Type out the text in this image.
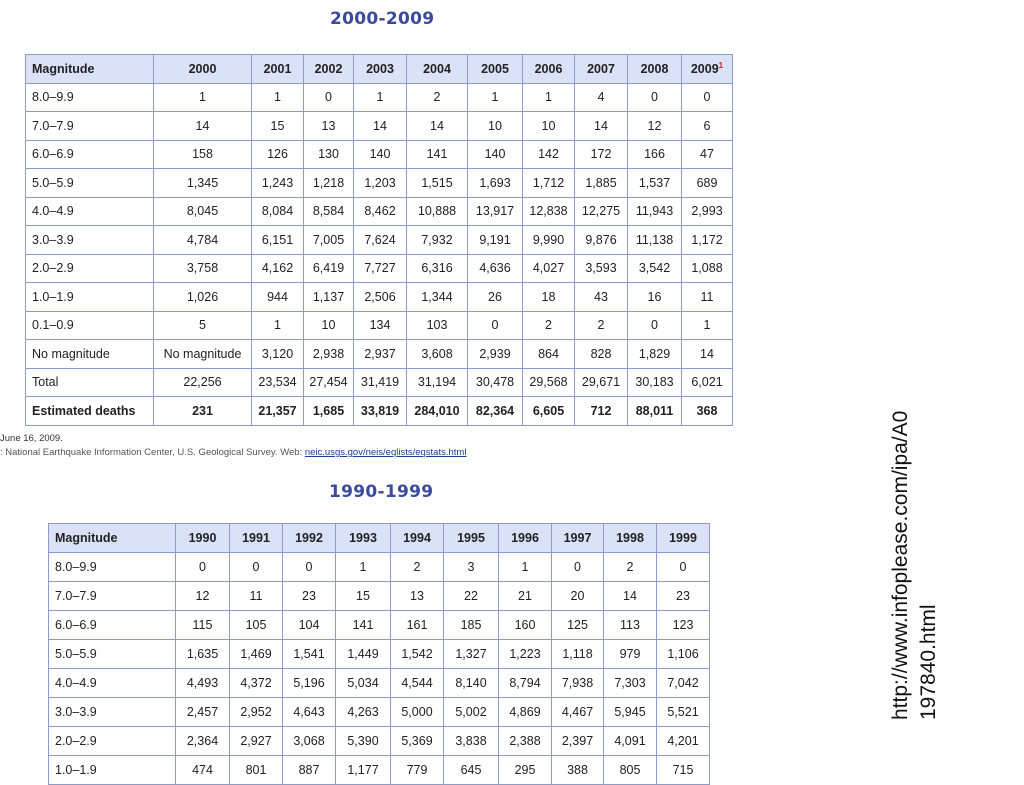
2000-2009
Magnitude	2000	2001	2002	2003	2004	2005	2006	2007	2008	2009$^1$
8.0–9.9	1	1	0	1	2	1	1	4	0	0
7.0–7.9	14	15	13	14	14	10	10	14	12	6
6.0–6.9	158	126	130	140	141	140	142	172	166	47
5.0–5.9	1,345	1,243	1,218	1,203	1,515	1,693	1,712	1,885	1,537	689
4.0–4.9	8,045	8,084	8,584	8,462	10,888	13,917	12,838	12,275	11,943	2,993
3.0–3.9	4,784	6,151	7,005	7,624	7,932	9,191	9,990	9,876	11,138	1,172
2.0–2.9	3,758	4,162	6,419	7,727	6,316	4,636	4,027	3,593	3,542	1,088
1.0–1.9	1,026	944	1,137	2,506	1,344	26	18	43	16	11
0.1–0.9	5	1	10	134	103	0	2	2	0	1
No magnitude	No magnitude	3,120	2,938	2,937	3,608	2,939	864	828	1,829	14
Total	22,256	23,534	27,454	31,419	31,194	30,478	29,568	29,671	30,183	6,021
Estimated deaths	231	21,357	1,685	33,819	284,010	82,364	6,605	712	88,011	368
June 16, 2009.
: National Earthquake Information Center, U.S. Geological Survey. Web: neic.usgs.gov/neis/eqlists/eqstats.html
1990-1999
Magnitude	1990	1991	1992	1993	1994	1995	1996	1997	1998	1999
8.0–9.9	0	0	0	1	2	3	1	0	2	0
7.0–7.9	12	11	23	15	13	22	21	20	14	23
6.0–6.9	115	105	104	141	161	185	160	125	113	123
5.0–5.9	1,635	1,469	1,541	1,449	1,542	1,327	1,223	1,118	979	1,106
4.0–4.9	4,493	4,372	5,196	5,034	4,544	8,140	8,794	7,938	7,303	7,042
3.0–3.9	2,457	2,952	4,643	4,263	5,000	5,002	4,869	4,467	5,945	5,521
2.0–2.9	2,364	2,927	3,068	5,390	5,369	3,838	2,388	2,397	4,091	4,201
1.0–1.9	474	801	887	1,177	779	645	295	388	805	715
http://www.infoplease.com/ipa/A0 197840.html
